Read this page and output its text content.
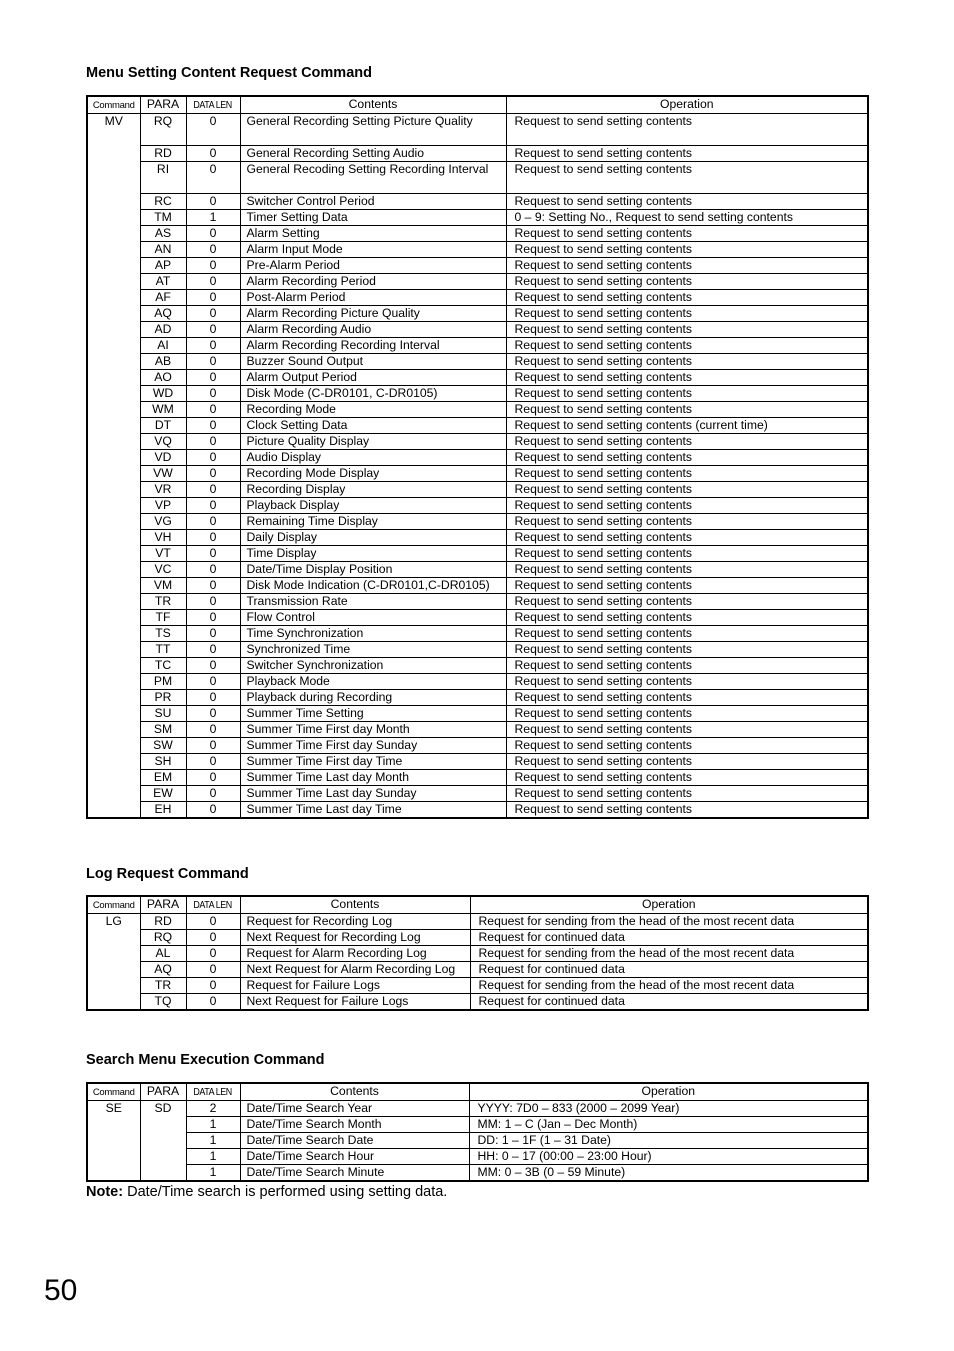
Menu Setting Content Request Command
Command	PARA	DATA LEN	Contents	Operation
MV	RQ	0	General Recording Setting Picture Quality	Request to send setting contents
	RD	0	General Recording Setting Audio	Request to send setting contents
	RI	0	General Recoding Setting Recording Interval	Request to send setting contents
	RC	0	Switcher Control Period	Request to send setting contents
	TM	1	Timer Setting Data	0 – 9: Setting No., Request to send setting contents
	AS	0	Alarm Setting	Request to send setting contents
	AN	0	Alarm Input Mode	Request to send setting contents
	AP	0	Pre-Alarm Period	Request to send setting contents
	AT	0	Alarm Recording Period	Request to send setting contents
	AF	0	Post-Alarm Period	Request to send setting contents
	AQ	0	Alarm Recording Picture Quality	Request to send setting contents
	AD	0	Alarm Recording Audio	Request to send setting contents
	AI	0	Alarm Recording Recording Interval	Request to send setting contents
	AB	0	Buzzer Sound Output	Request to send setting contents
	AO	0	Alarm Output Period	Request to send setting contents
	WD	0	Disk Mode (C-DR0101, C-DR0105)	Request to send setting contents
	WM	0	Recording Mode	Request to send setting contents
	DT	0	Clock Setting Data	Request to send setting contents (current time)
	VQ	0	Picture Quality Display	Request to send setting contents
	VD	0	Audio Display	Request to send setting contents
	VW	0	Recording Mode Display	Request to send setting contents
	VR	0	Recording Display	Request to send setting contents
	VP	0	Playback Display	Request to send setting contents
	VG	0	Remaining Time Display	Request to send setting contents
	VH	0	Daily Display	Request to send setting contents
	VT	0	Time Display	Request to send setting contents
	VC	0	Date/Time Display Position	Request to send setting contents
	VM	0	Disk Mode Indication (C-DR0101,C-DR0105)	Request to send setting contents
	TR	0	Transmission Rate	Request to send setting contents
	TF	0	Flow Control	Request to send setting contents
	TS	0	Time Synchronization	Request to send setting contents
	TT	0	Synchronized Time	Request to send setting contents
	TC	0	Switcher Synchronization	Request to send setting contents
	PM	0	Playback Mode	Request to send setting contents
	PR	0	Playback during Recording	Request to send setting contents
	SU	0	Summer Time Setting	Request to send setting contents
	SM	0	Summer Time First day Month	Request to send setting contents
	SW	0	Summer Time First day Sunday	Request to send setting contents
	SH	0	Summer Time First day Time	Request to send setting contents
	EM	0	Summer Time Last day Month	Request to send setting contents
	EW	0	Summer Time Last day Sunday	Request to send setting contents
	EH	0	Summer Time Last day Time	Request to send setting contents
Log Request Command
Command	PARA	DATA LEN	Contents	Operation
LG	RD	0	Request for Recording Log	Request for sending from the head of the most recent data
	RQ	0	Next Request for Recording Log	Request for continued data
	AL	0	Request for Alarm Recording Log	Request for sending from the head of the most recent data
	AQ	0	Next Request for Alarm Recording Log	Request for continued data
	TR	0	Request for Failure Logs	Request for sending from the head of the most recent data
	TQ	0	Next Request for Failure Logs	Request for continued data
Search Menu Execution Command
Command	PARA	DATA LEN	Contents	Operation
SE	SD	2	Date/Time Search Year	YYYY: 7D0 – 833 (2000 – 2099 Year)
		1	Date/Time Search Month	MM: 1 – C (Jan – Dec Month)
		1	Date/Time Search Date	DD: 1 – 1F (1 – 31 Date)
		1	Date/Time Search Hour	HH: 0 – 17 (00:00 – 23:00 Hour)
		1	Date/Time Search Minute	MM: 0 – 3B (0 – 59 Minute)
Note: Date/Time search is performed using setting data.
50
